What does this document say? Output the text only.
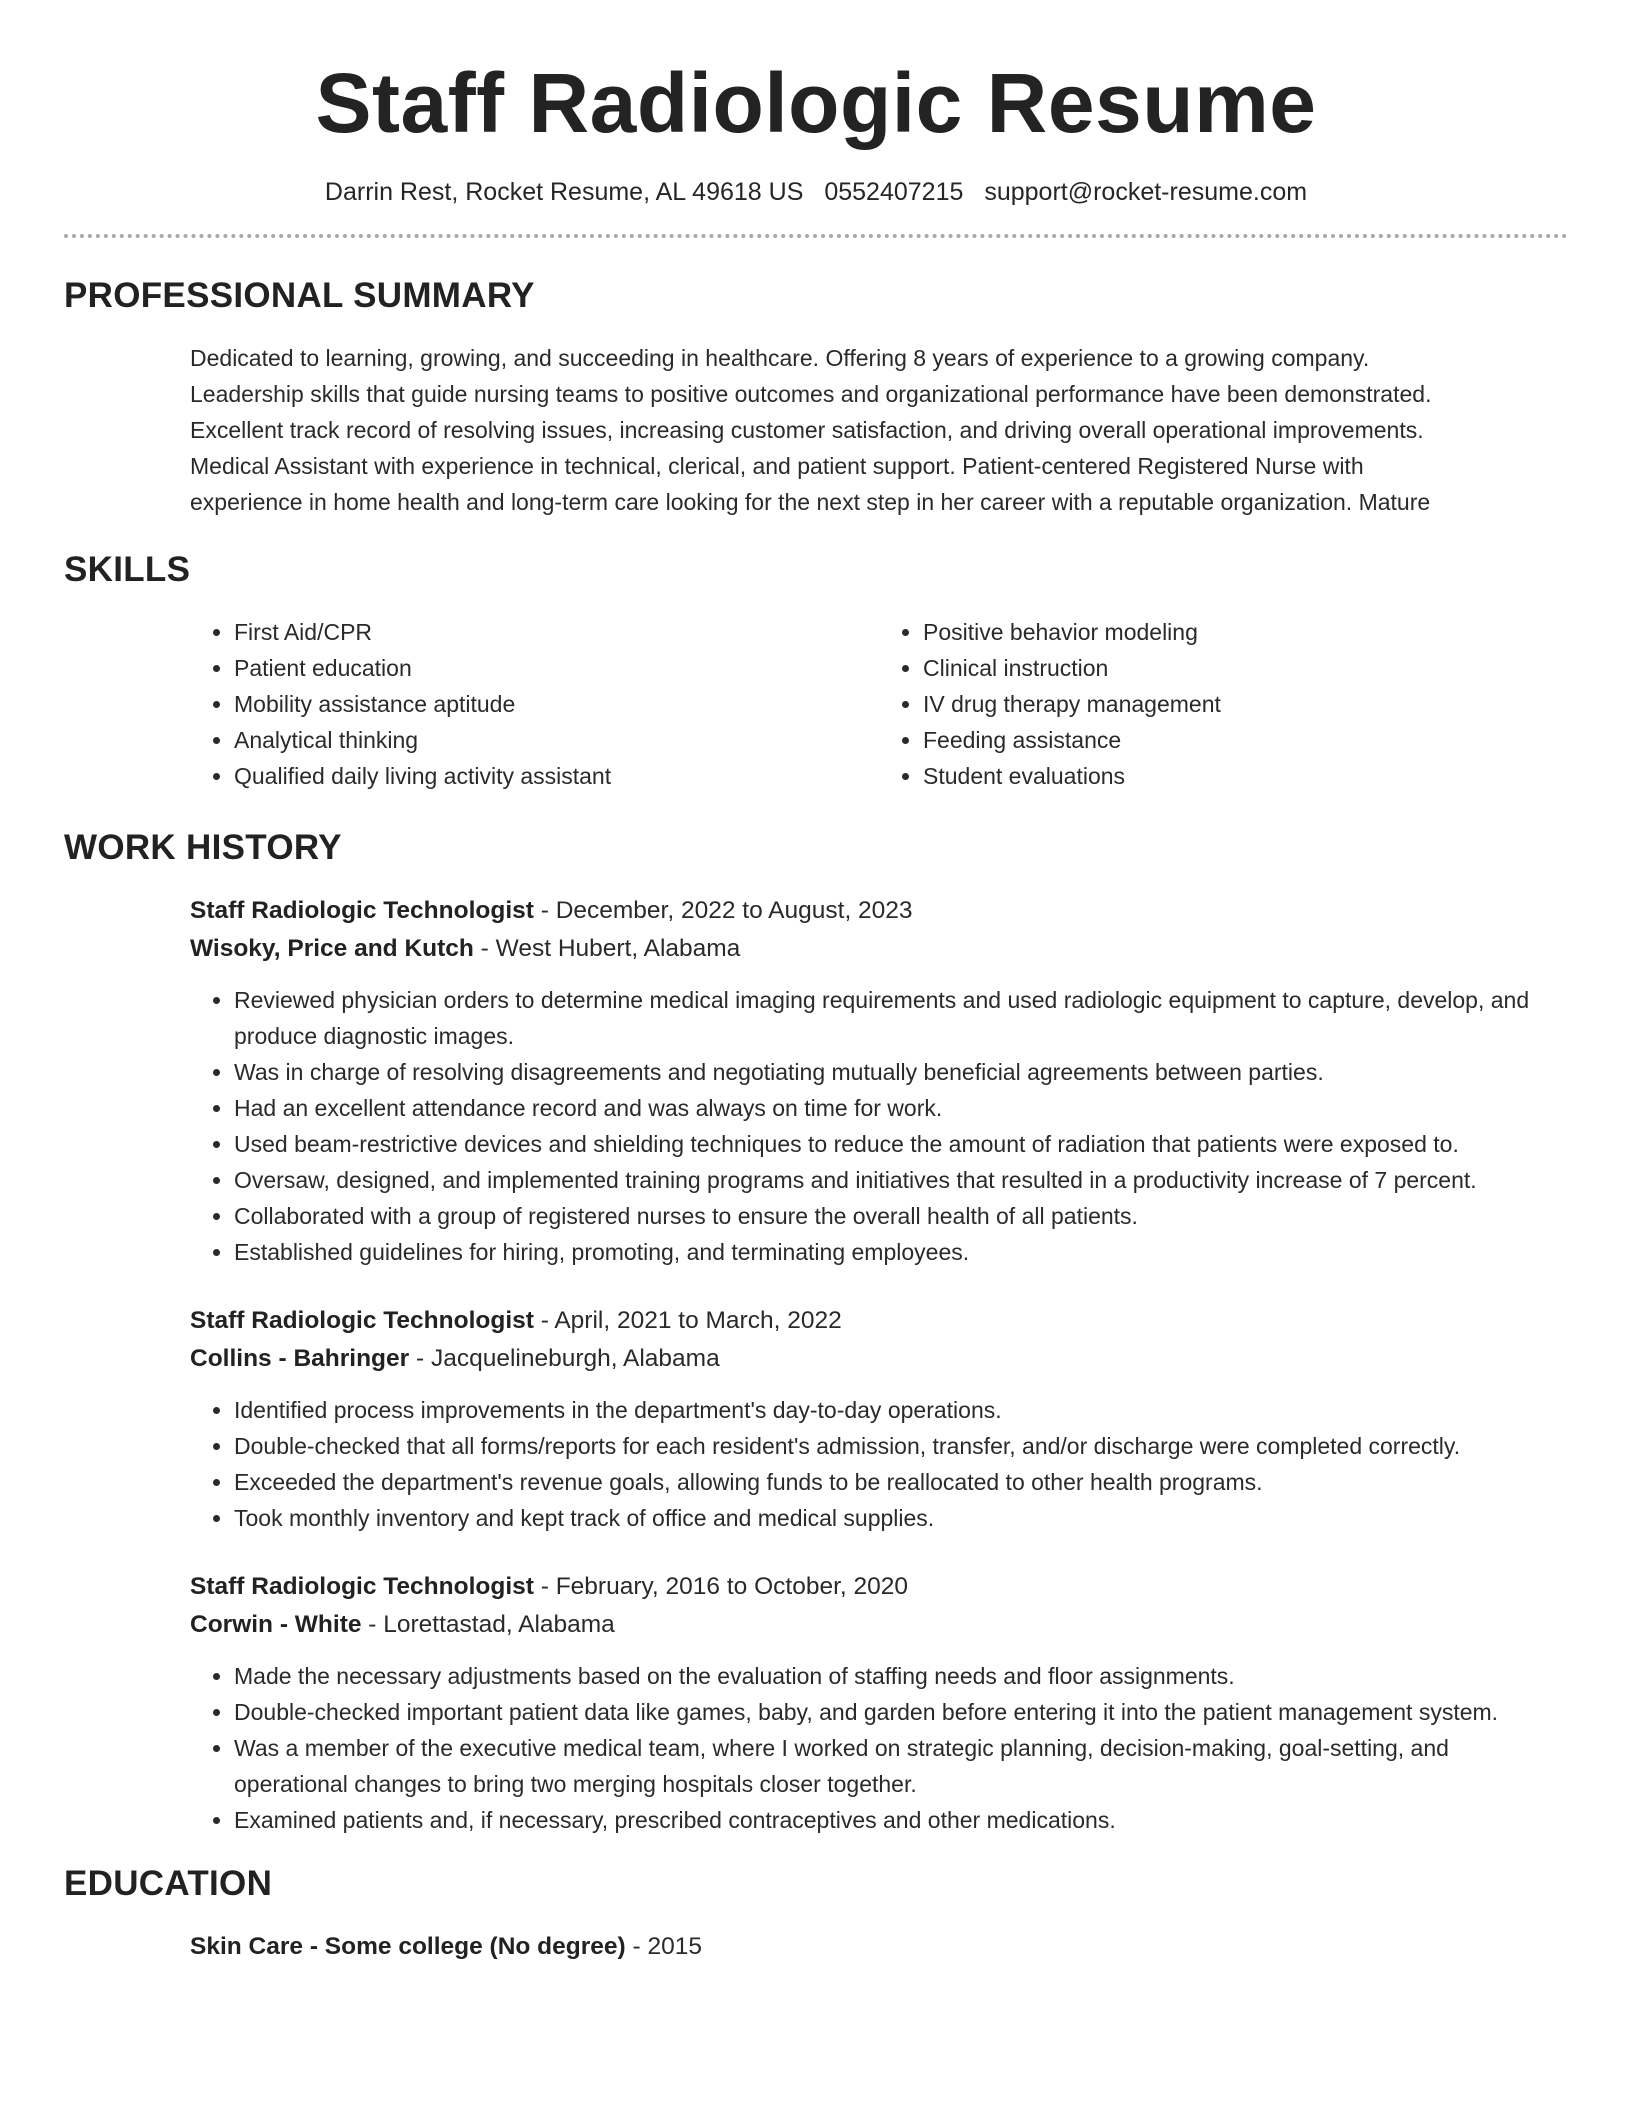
Staff Radiologic Resume
Darrin Rest, Rocket Resume, AL 49618 US 0552407215 support@rocket-resume.com
PROFESSIONAL SUMMARY
Dedicated to learning, growing, and succeeding in healthcare. Offering 8 years of experience to a growing company.
Leadership skills that guide nursing teams to positive outcomes and organizational performance have been demonstrated.
Excellent track record of resolving issues, increasing customer satisfaction, and driving overall operational improvements.
Medical Assistant with experience in technical, clerical, and patient support. Patient-centered Registered Nurse with
experience in home health and long-term care looking for the next step in her career with a reputable organization. Mature
SKILLS
• First Aid/CPR
• Patient education
• Mobility assistance aptitude
• Analytical thinking
• Qualified daily living activity assistant
• Positive behavior modeling
• Clinical instruction
• IV drug therapy management
• Feeding assistance
• Student evaluations
WORK HISTORY
Staff Radiologic Technologist - December, 2022 to August, 2023
Wisoky, Price and Kutch - West Hubert, Alabama
• Reviewed physician orders to determine medical imaging requirements and used radiologic equipment to capture, develop, and produce diagnostic images.
• Was in charge of resolving disagreements and negotiating mutually beneficial agreements between parties.
• Had an excellent attendance record and was always on time for work.
• Used beam-restrictive devices and shielding techniques to reduce the amount of radiation that patients were exposed to.
• Oversaw, designed, and implemented training programs and initiatives that resulted in a productivity increase of 7 percent.
• Collaborated with a group of registered nurses to ensure the overall health of all patients.
• Established guidelines for hiring, promoting, and terminating employees.
Staff Radiologic Technologist - April, 2021 to March, 2022
Collins - Bahringer - Jacquelineburgh, Alabama
• Identified process improvements in the department's day-to-day operations.
• Double-checked that all forms/reports for each resident's admission, transfer, and/or discharge were completed correctly.
• Exceeded the department's revenue goals, allowing funds to be reallocated to other health programs.
• Took monthly inventory and kept track of office and medical supplies.
Staff Radiologic Technologist - February, 2016 to October, 2020
Corwin - White - Lorettastad, Alabama
• Made the necessary adjustments based on the evaluation of staffing needs and floor assignments.
• Double-checked important patient data like games, baby, and garden before entering it into the patient management system.
• Was a member of the executive medical team, where I worked on strategic planning, decision-making, goal-setting, and operational changes to bring two merging hospitals closer together.
• Examined patients and, if necessary, prescribed contraceptives and other medications.
EDUCATION
Skin Care - Some college (No degree) - 2015
